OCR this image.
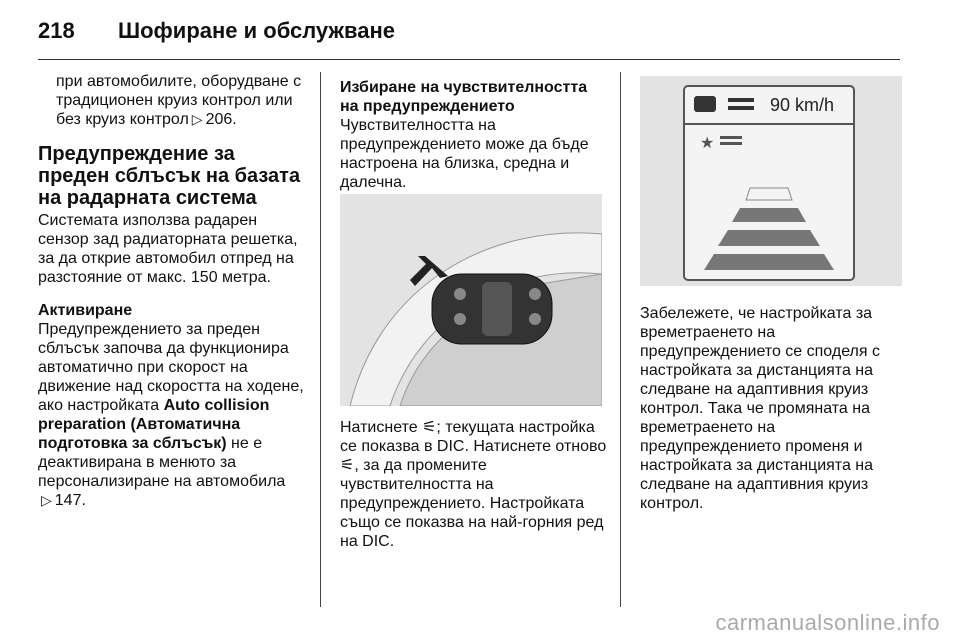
218 Шофиране и обслужване

при автомобилите, оборудване с традиционен круиз контрол или без круиз контрол ▷ 206.

Предупреждение за преден сблъсък на базата на радарната система

Системата използва радарен сензор зад радиаторната решетка, за да открие автомобил отпред на разстояние от макс. 150 метра.

Активиране

Предупреждението за преден сблъсък започва да функционира автоматично при скорост на движение над скоростта на ходене, ако настройката Auto collision preparation (Автоматична подготовка за сблъсък) не е деактивирана в менюто за персонализиране на автомобила
▷ 147.

Избиране на чувствителността на предупреждението

Чувствителността на предупреждението може да бъде настроена на близка, средна и далечна.

Натиснете ⚟; текущата настройка се показва в DIC. Натиснете отново ⚟, за да промените чувствителността на предупреждението. Настройката също се показва на най-горния ред на DIC.

90 km/h
★

Забележете, че настройката за времетраенето на предупреждението се споделя с настройката за дистанцията на следване на адаптивния круиз контрол. Така че промяната на времетраенето на предупреждението променя и настройката за дистанцията на следване на адаптивния круиз контрол.

carmanualsonline.info
